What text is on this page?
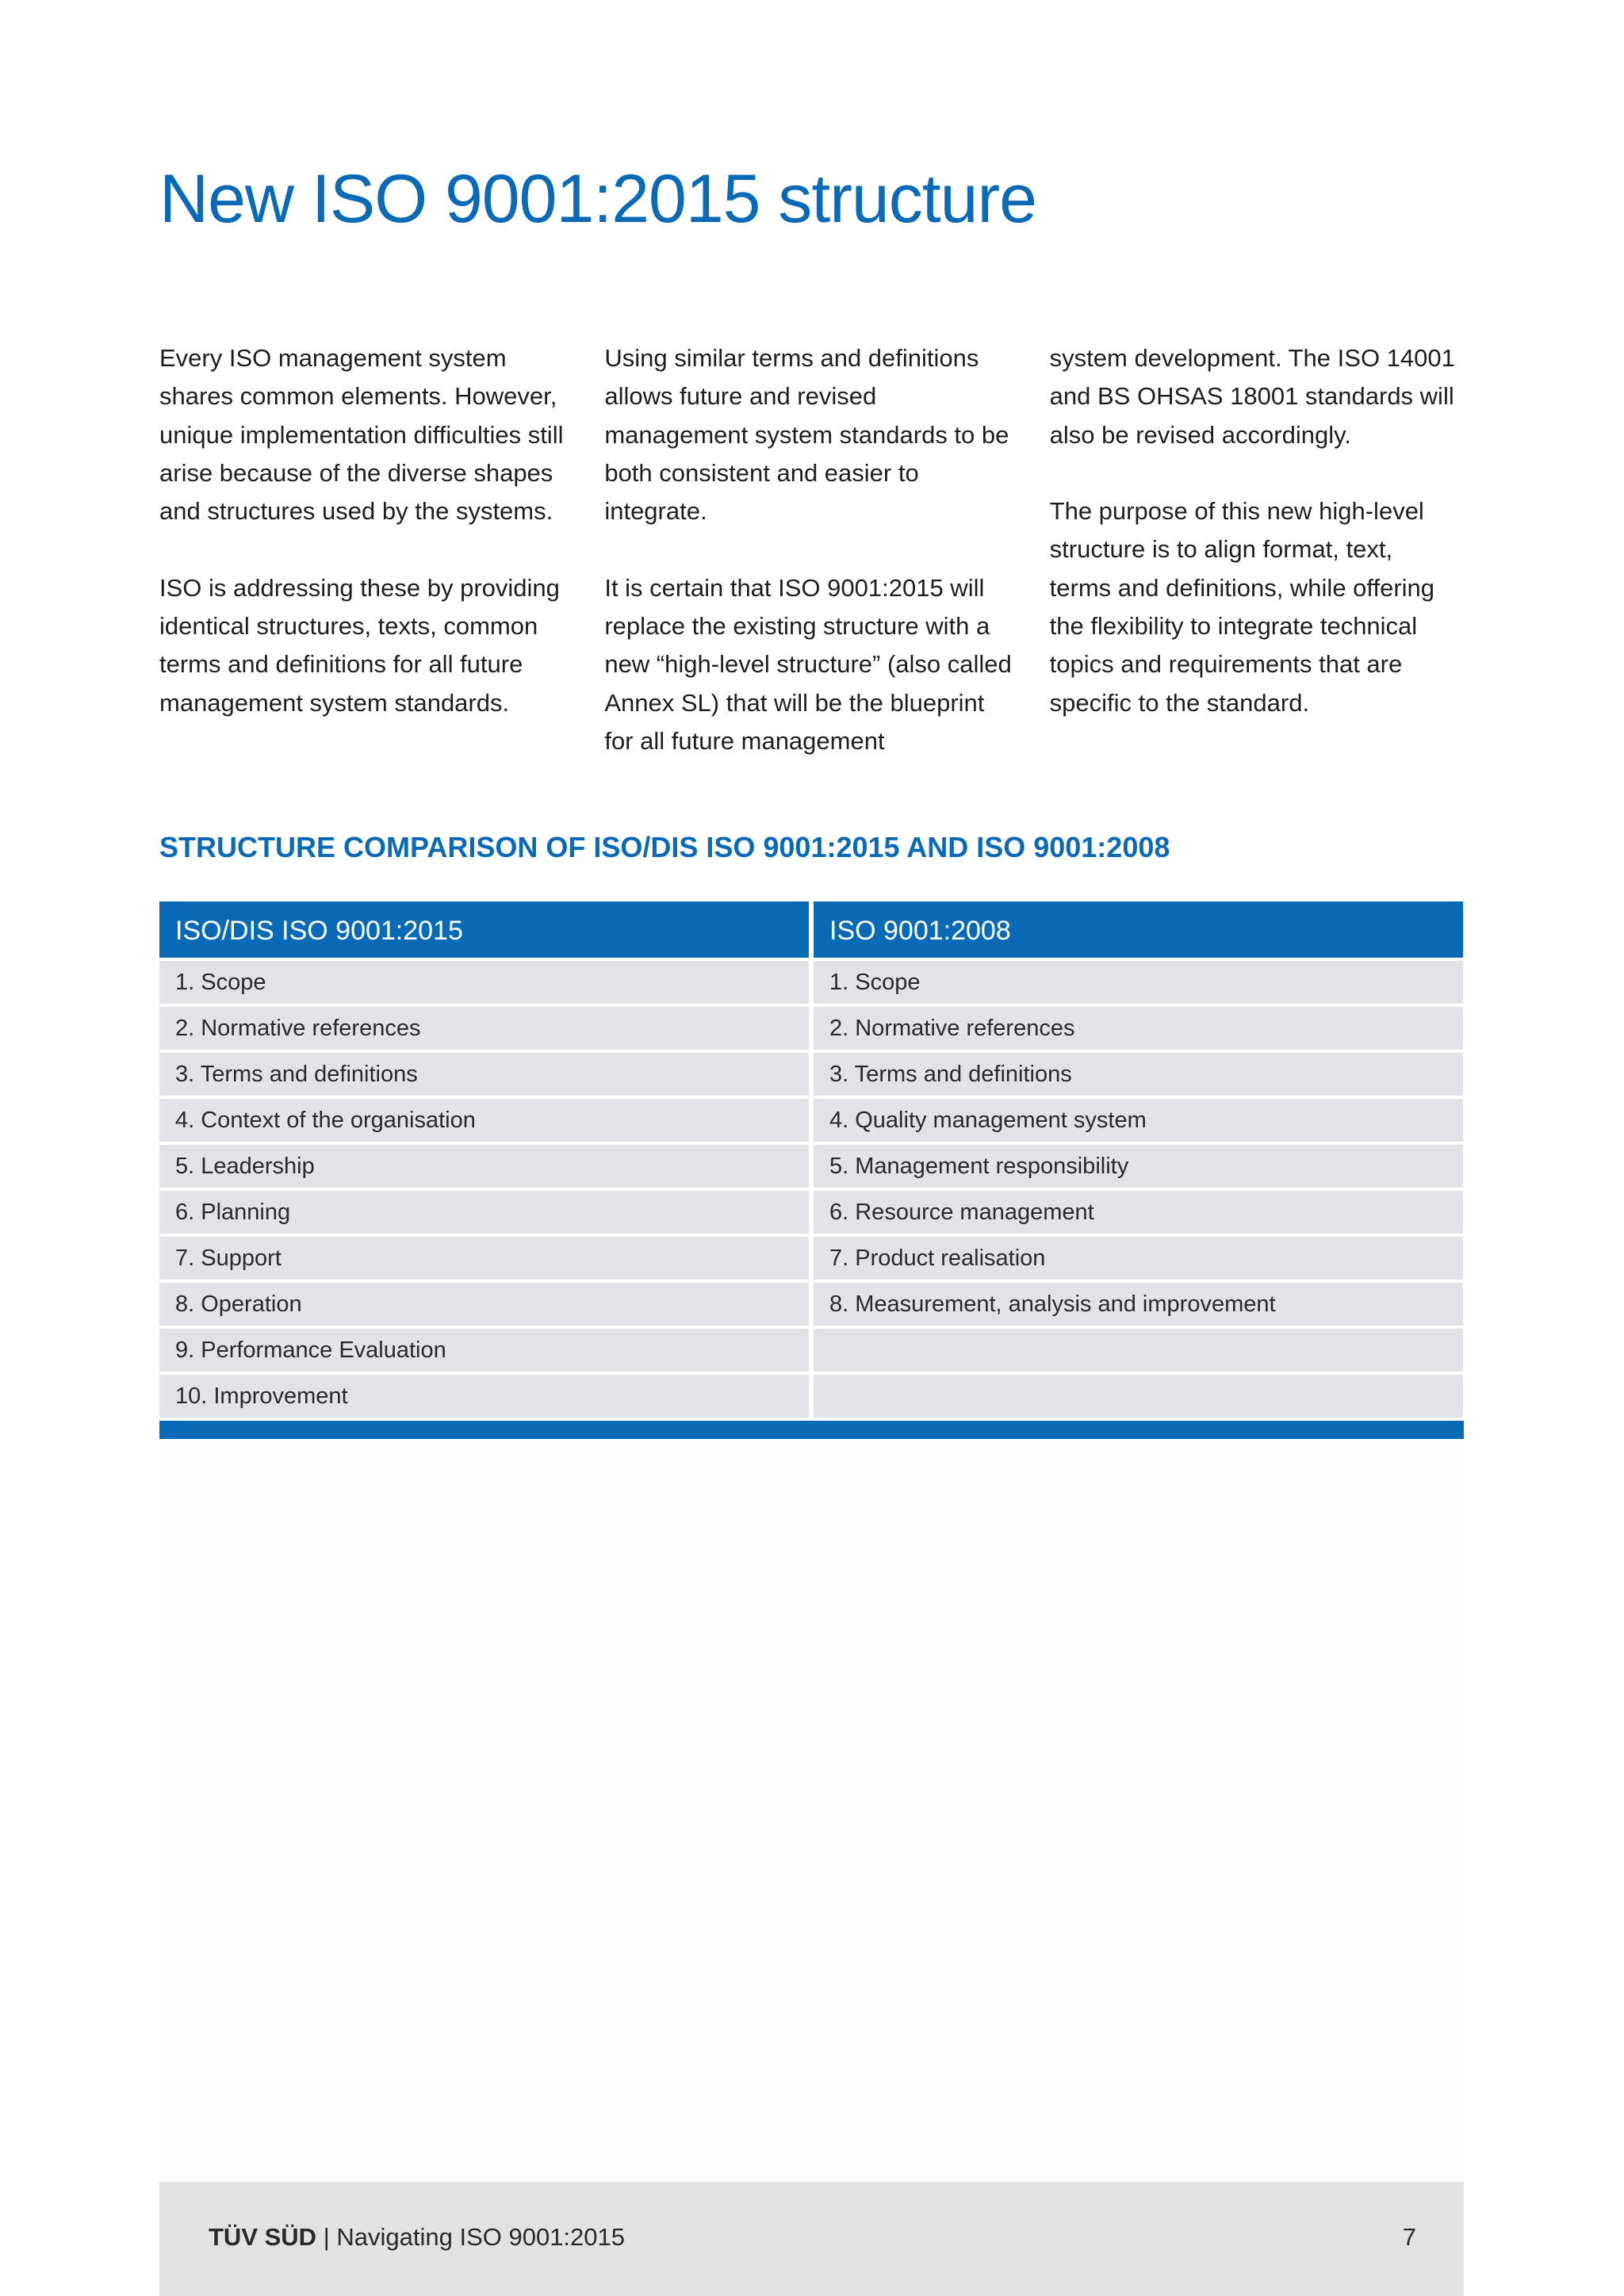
New ISO 9001:2015 structure

Every ISO management system shares common elements. However, unique implementation difficulties still arise because of the diverse shapes and structures used by the systems.

ISO is addressing these by providing identical structures, texts, common terms and definitions for all future management system standards.

Using similar terms and definitions allows future and revised management system standards to be both consistent and easier to integrate.

It is certain that ISO 9001:2015 will replace the existing structure with a new “high-level structure” (also called Annex SL) that will be the blueprint for all future management

system development. The ISO 14001 and BS OHSAS 18001 standards will also be revised accordingly.

The purpose of this new high-level structure is to align format, text, terms and definitions, while offering the flexibility to integrate technical topics and requirements that are specific to the standard.

STRUCTURE COMPARISON OF ISO/DIS ISO 9001:2015 AND ISO 9001:2008
ISO/DIS ISO 9001:2015	ISO 9001:2008
1. Scope	1. Scope
2. Normative references	2. Normative references
3. Terms and definitions	3. Terms and definitions
4. Context of the organisation	4. Quality management system
5. Leadership	5. Management responsibility
6. Planning	6. Resource management
7. Support	7. Product realisation
8. Operation	8. Measurement, analysis and improvement
9. Performance Evaluation
10. Improvement
TÜV SÜD | Navigating ISO 9001:2015	7
